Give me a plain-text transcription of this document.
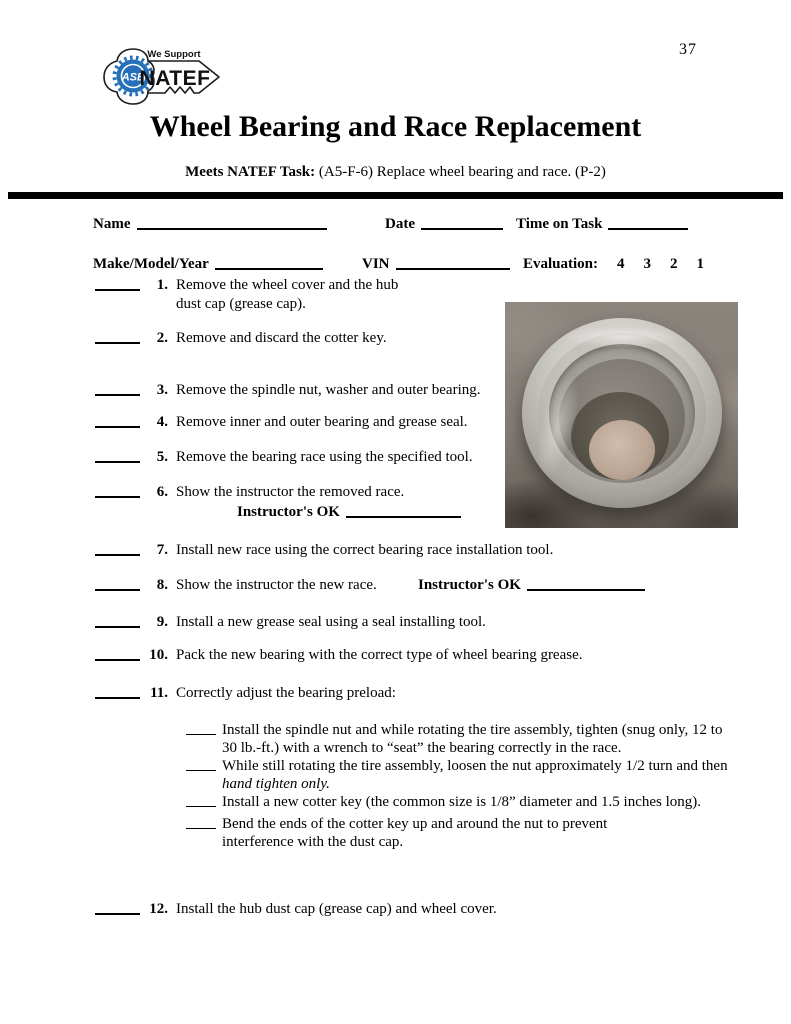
ASE
We Support
NATEF
37
Wheel Bearing and Race Replacement
Meets NATEF Task: (A5-F-6) Replace wheel bearing and race. (P-2)
Name	Date	Time on Task
Make/Model/Year	VIN	Evaluation: 4 3 2 1
1. Remove the wheel cover and the hub dust cap (grease cap).
2. Remove and discard the cotter key.
3. Remove the spindle nut, washer and outer bearing.
4. Remove inner and outer bearing and grease seal.
5. Remove the bearing race using the specified tool.
6. Show the instructor the removed race.
Instructor's OK
7. Install new race using the correct bearing race installation tool.
8. Show the instructor the new race.	Instructor's OK
9. Install a new grease seal using a seal installing tool.
10. Pack the new bearing with the correct type of wheel bearing grease.
11. Correctly adjust the bearing preload:
Install the spindle nut and while rotating the tire assembly, tighten (snug only, 12 to 30 lb.-ft.) with a wrench to “seat” the bearing correctly in the race.
While still rotating the tire assembly, loosen the nut approximately 1/2 turn and then hand tighten only.
Install a new cotter key (the common size is 1/8” diameter and 1.5 inches long).
Bend the ends of the cotter key up and around the nut to prevent interference with the dust cap.
12. Install the hub dust cap (grease cap) and wheel cover.
